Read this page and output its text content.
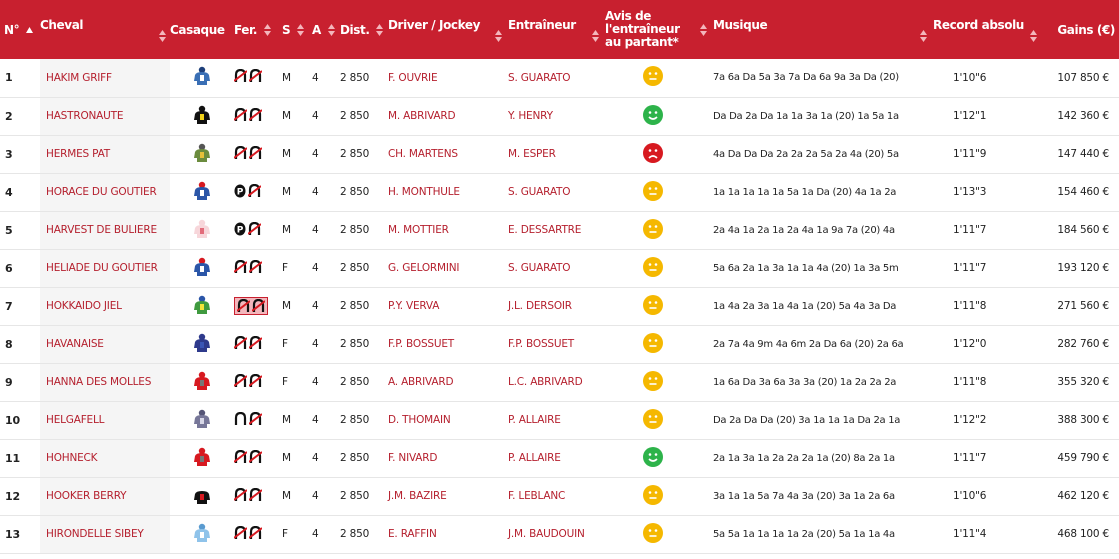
N°	Cheval	Casaque	Fer.	S	A	Dist.	Driver / Jockey	Entraîneur	Avis de l'entraîneur au partant*	Musique	Record absolu	Gains (€)
1	HAKIM GRIFF			M	4	2 850	F. OUVRIE	S. GUARATO		7a 6a Da 5a 3a 7a Da 6a 9a 3a Da (20)	1'10"6	107 850 €
2	HASTRONAUTE			M	4	2 850	M. ABRIVARD	Y. HENRY		Da Da 2a Da 1a 1a 3a 1a (20) 1a 5a 1a	1'12"1	142 360 €
3	HERMES PAT			M	4	2 850	CH. MARTENS	M. ESPER		4a Da Da Da 2a 2a 2a 5a 2a 4a (20) 5a	1'11"9	147 440 €
4	HORACE DU GOUTIER		P	M	4	2 850	H. MONTHULE	S. GUARATO		1a 1a 1a 1a 1a 5a 1a Da (20) 4a 1a 2a	1'13"3	154 460 €
5	HARVEST DE BULIERE		P	M	4	2 850	M. MOTTIER	E. DESSARTRE		2a 4a 1a 2a 1a 2a 4a 1a 9a 7a (20) 4a	1'11"7	184 560 €
6	HELIADE DU GOUTIER			F	4	2 850	G. GELORMINI	S. GUARATO		5a 6a 2a 1a 3a 1a 1a 4a (20) 1a 3a 5m	1'11"7	193 120 €
7	HOKKAIDO JIEL			M	4	2 850	P.Y. VERVA	J.L. DERSOIR		1a 4a 2a 3a 1a 4a 1a (20) 5a 4a 3a Da	1'11"8	271 560 €
8	HAVANAISE			F	4	2 850	F.P. BOSSUET	F.P. BOSSUET		2a 7a 4a 9m 4a 6m 2a Da 6a (20) 2a 6a	1'12"0	282 760 €
9	HANNA DES MOLLES			F	4	2 850	A. ABRIVARD	L.C. ABRIVARD		1a 6a Da 3a 6a 3a 3a (20) 1a 2a 2a 2a	1'11"8	355 320 €
10	HELGAFELL			M	4	2 850	D. THOMAIN	P. ALLAIRE		Da 2a Da Da (20) 3a 1a 1a 1a Da 2a 1a	1'12"2	388 300 €
11	HOHNECK			M	4	2 850	F. NIVARD	P. ALLAIRE		2a 1a 3a 1a 2a 2a 2a 1a (20) 8a 2a 1a	1'11"7	459 790 €
12	HOOKER BERRY			M	4	2 850	J.M. BAZIRE	F. LEBLANC		3a 1a 1a 5a 7a 4a 3a (20) 3a 1a 2a 6a	1'10"6	462 120 €
13	HIRONDELLE SIBEY			F	4	2 850	E. RAFFIN	J.M. BAUDOUIN		5a 5a 1a 1a 1a 1a 2a (20) 5a 1a 1a 4a	1'11"4	468 100 €
